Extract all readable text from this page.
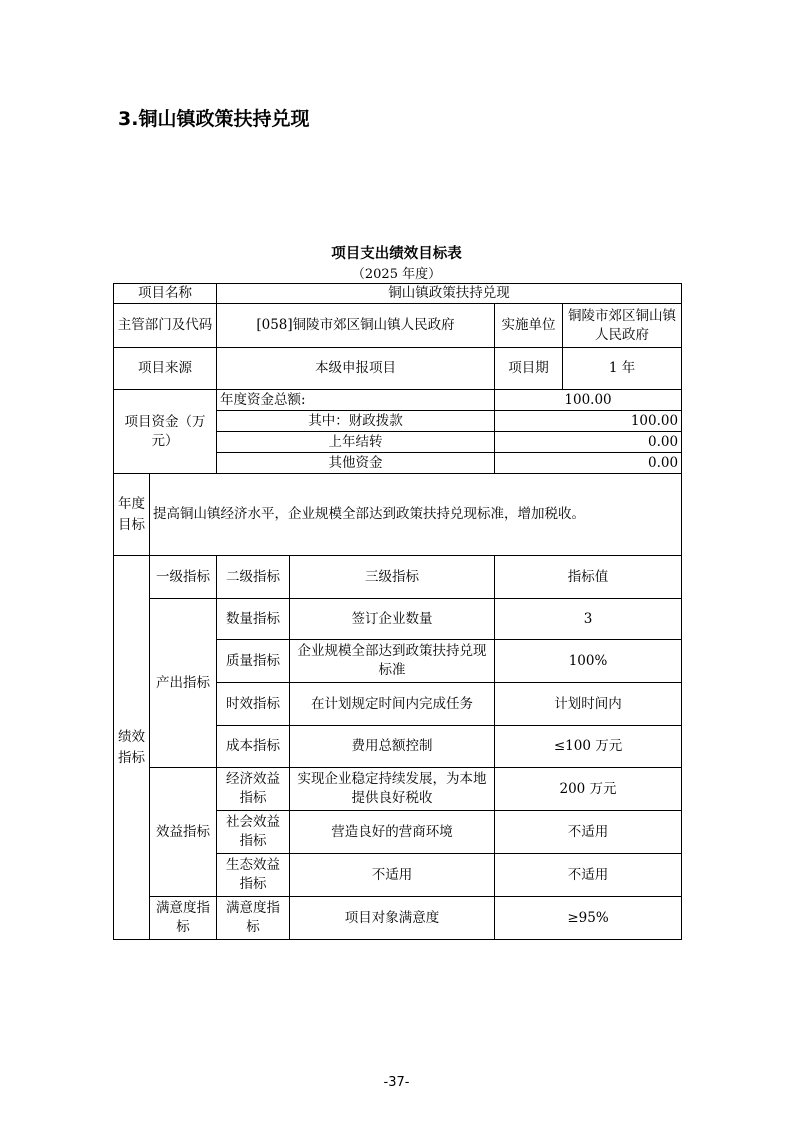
3.铜山镇政策扶持兑现
项目支出绩效目标表
（2025 年度）
项目名称		铜山镇政策扶持兑现			
主管部门及代码		[058]铜陵市郊区铜山镇人民政府		实施单位	铜陵市郊区铜山镇人民政府
项目来源		本级申报项目		项目期	1 年
项目资金（万元）		年度资金总额:		100.00	
		其中：财政拨款		100.00	
		上年结转		0.00	
		其他资金		0.00	
年度目标	提高铜山镇经济水平，企业规模全部达到政策扶持兑现标准，增加税收。				
绩效指标	一级指标	二级指标	三级指标	指标值	
	产出指标	数量指标	签订企业数量	3	
		质量指标	企业规模全部达到政策扶持兑现标准	100%	
		时效指标	在计划规定时间内完成任务	计划时间内	
		成本指标	费用总额控制	≤100 万元	
	效益指标	经济效益指标	实现企业稳定持续发展，为本地提供良好税收	200 万元	
		社会效益指标	营造良好的营商环境	不适用	
		生态效益指标	不适用	不适用	
	满意度指标	满意度指标	项目对象满意度	≥95%	
-37-
